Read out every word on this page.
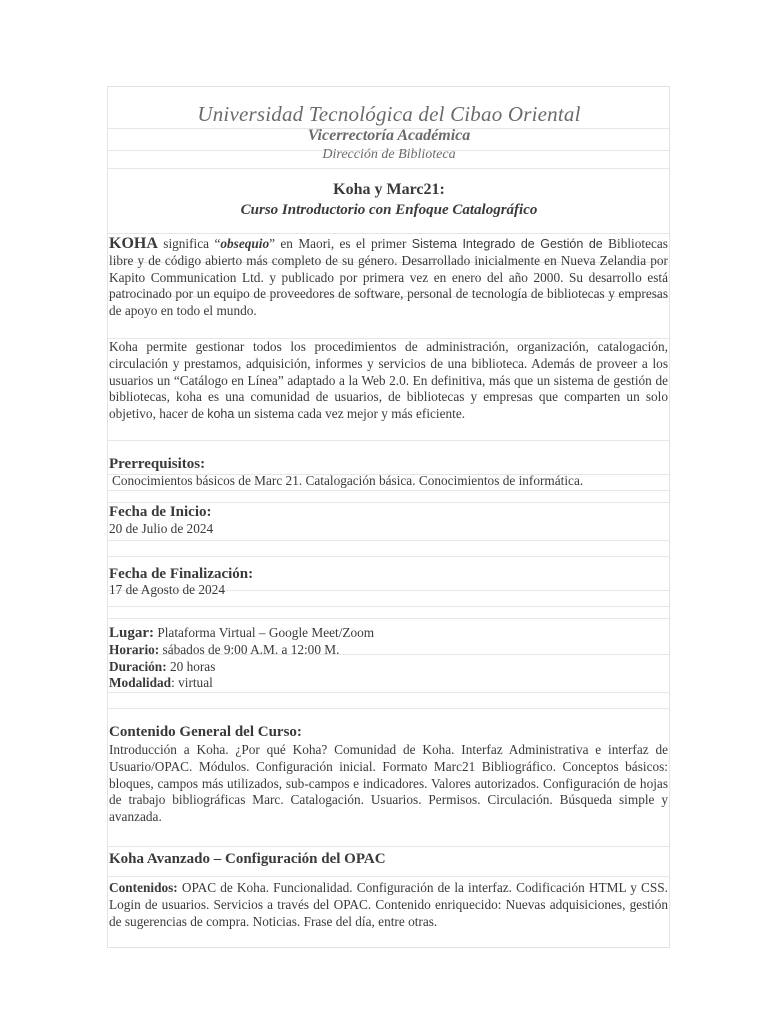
Universidad Tecnológica del Cibao Oriental
Vicerrectoría Académica
Dirección de Biblioteca
Koha y Marc21:
Curso Introductorio con Enfoque Catalográfico
KOHA significa “obsequio” en Maori, es el primer Sistema Integrado de Gestión de Bibliotecas libre y de código abierto más completo de su género. Desarrollado inicialmente en Nueva Zelandia por Kapito Communication Ltd. y publicado por primera vez en enero del año 2000. Su desarrollo está patrocinado por un equipo de proveedores de software, personal de tecnología de bibliotecas y empresas de apoyo en todo el mundo.
Koha permite gestionar todos los procedimientos de administración, organización, catalogación, circulación y prestamos, adquisición, informes y servicios de una biblioteca. Además de proveer a los usuarios un “Catálogo en Línea” adaptado a la Web 2.0. En definitiva, más que un sistema de gestión de bibliotecas, koha es una comunidad de usuarios, de bibliotecas y empresas que comparten un solo objetivo, hacer de koha un sistema cada vez mejor y más eficiente.
Prerrequisitos:
Conocimientos básicos de Marc 21. Catalogación básica. Conocimientos de informática.
Fecha de Inicio:
20 de Julio de 2024
Fecha de Finalización:
17 de Agosto de 2024
Lugar: Plataforma Virtual – Google Meet/Zoom
Horario: sábados de 9:00 A.M. a 12:00 M.
Duración: 20 horas
Modalidad: virtual
Contenido General del Curso:
Introducción a Koha. ¿Por qué Koha? Comunidad de Koha. Interfaz Administrativa e interfaz de Usuario/OPAC. Módulos. Configuración inicial. Formato Marc21 Bibliográfico. Conceptos básicos: bloques, campos más utilizados, sub-campos e indicadores. Valores autorizados. Configuración de hojas de trabajo bibliográficas Marc. Catalogación. Usuarios. Permisos. Circulación. Búsqueda simple y avanzada.
Koha Avanzado – Configuración del OPAC
Contenidos: OPAC de Koha. Funcionalidad. Configuración de la interfaz. Codificación HTML y CSS. Login de usuarios. Servicios a través del OPAC. Contenido enriquecido: Nuevas adquisiciones, gestión de sugerencias de compra. Noticias. Frase del día, entre otras.
